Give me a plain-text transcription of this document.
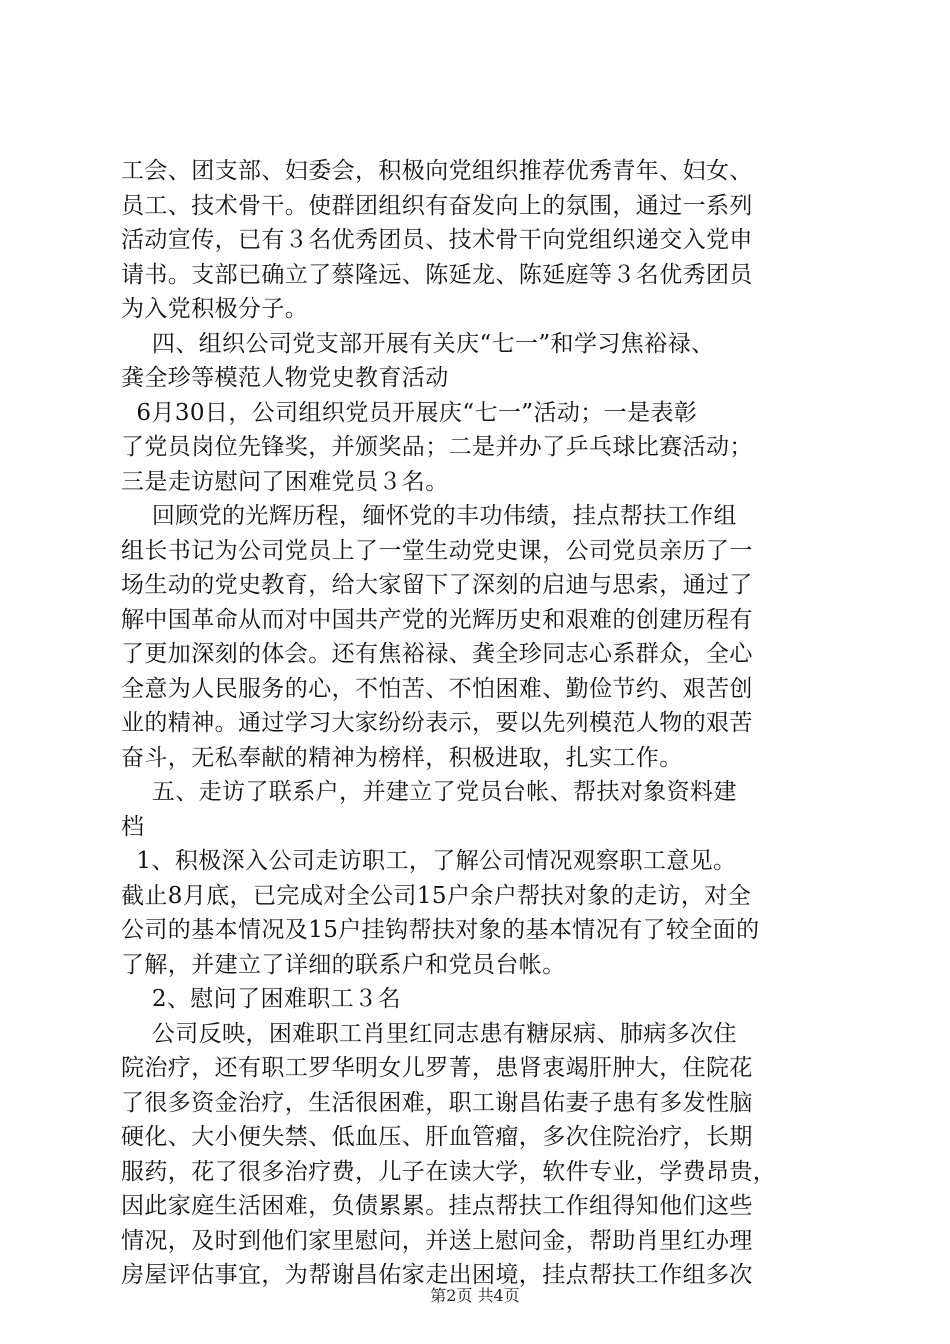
工会、团支部、妇委会，积极向党组织推荐优秀青年、妇女、
员工、技术骨干。使群团组织有奋发向上的氛围，通过一系列
活动宣传，已有３名优秀团员、技术骨干向党组织递交入党申
请书。支部已确立了蔡隆远、陈延龙、陈延庭等３名优秀团员
为入党积极分子。
四、组织公司党支部开展有关庆“七一”和学习焦裕禄、
龚全珍等模范人物党史教育活动
6月30日，公司组织党员开展庆“七一”活动；一是表彰
了党员岗位先锋奖，并颁奖品；二是并办了乒乓球比赛活动；
三是走访慰问了困难党员３名。
回顾党的光辉历程，缅怀党的丰功伟绩，挂点帮扶工作组
组长书记为公司党员上了一堂生动党史课，公司党员亲历了一
场生动的党史教育，给大家留下了深刻的启迪与思索，通过了
解中国革命从而对中国共产党的光辉历史和艰难的创建历程有
了更加深刻的体会。还有焦裕禄、龚全珍同志心系群众，全心
全意为人民服务的心，不怕苦、不怕困难、勤俭节约、艰苦创
业的精神。通过学习大家纷纷表示，要以先列模范人物的艰苦
奋斗，无私奉献的精神为榜样，积极进取，扎实工作。
五、走访了联系户，并建立了党员台帐、帮扶对象资料建
档
1、积极深入公司走访职工，了解公司情况观察职工意见。
截止8月底，已完成对全公司15户余户帮扶对象的走访，对全
公司的基本情况及15户挂钩帮扶对象的基本情况有了较全面的
了解，并建立了详细的联系户和党员台帐。
2、慰问了困难职工３名
公司反映，困难职工肖里红同志患有糖尿病、肺病多次住
院治疗，还有职工罗华明女儿罗菁，患肾衷竭肝肿大，住院花
了很多资金治疗，生活很困难，职工谢昌佑妻子患有多发性脑
硬化、大小便失禁、低血压、肝血管瘤，多次住院治疗，长期
服药，花了很多治疗费，儿子在读大学，软件专业，学费昂贵，
因此家庭生活困难，负债累累。挂点帮扶工作组得知他们这些
情况，及时到他们家里慰问，并送上慰问金，帮助肖里红办理
房屋评估事宜，为帮谢昌佑家走出困境，挂点帮扶工作组多次
第2页 共4页
